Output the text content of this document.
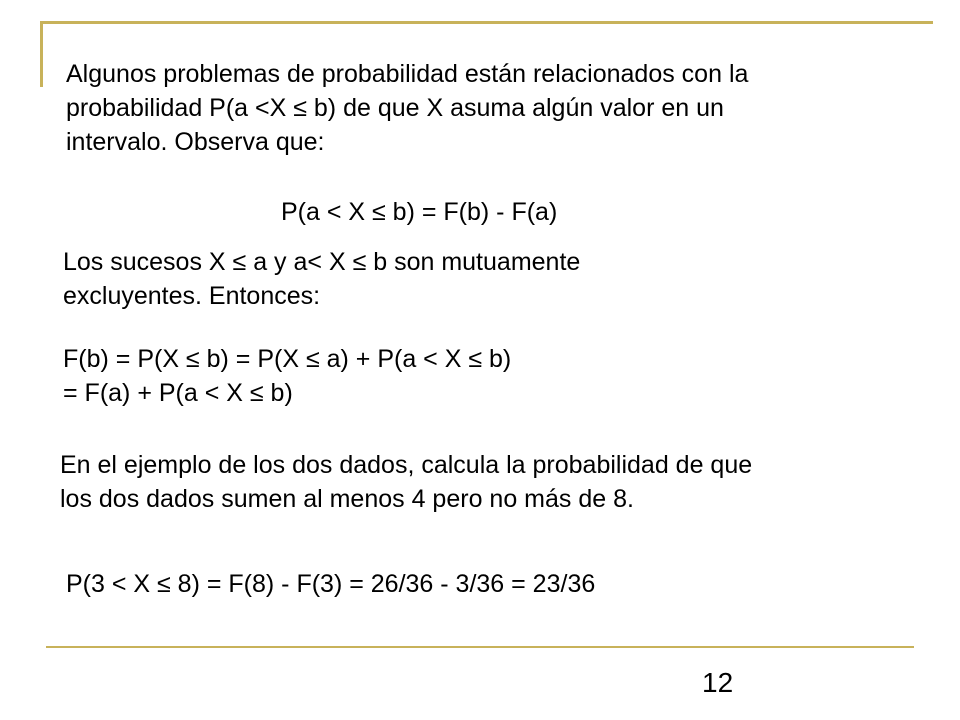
Algunos problemas de probabilidad están relacionados con la
probabilidad P(a <X ≤ b) de que X asuma algún valor en un
intervalo. Observa que:
P(a < X ≤ b) = F(b) - F(a)
Los sucesos X ≤ a y a< X ≤ b son mutuamente
excluyentes. Entonces:
F(b) = P(X ≤ b) = P(X ≤ a) + P(a < X ≤ b)
= F(a) + P(a < X ≤ b)
En el ejemplo de los dos dados, calcula la probabilidad de que
los dos dados sumen al menos 4 pero no más de 8.
P(3 < X ≤ 8) = F(8) - F(3) = 26/36 - 3/36 = 23/36
12
